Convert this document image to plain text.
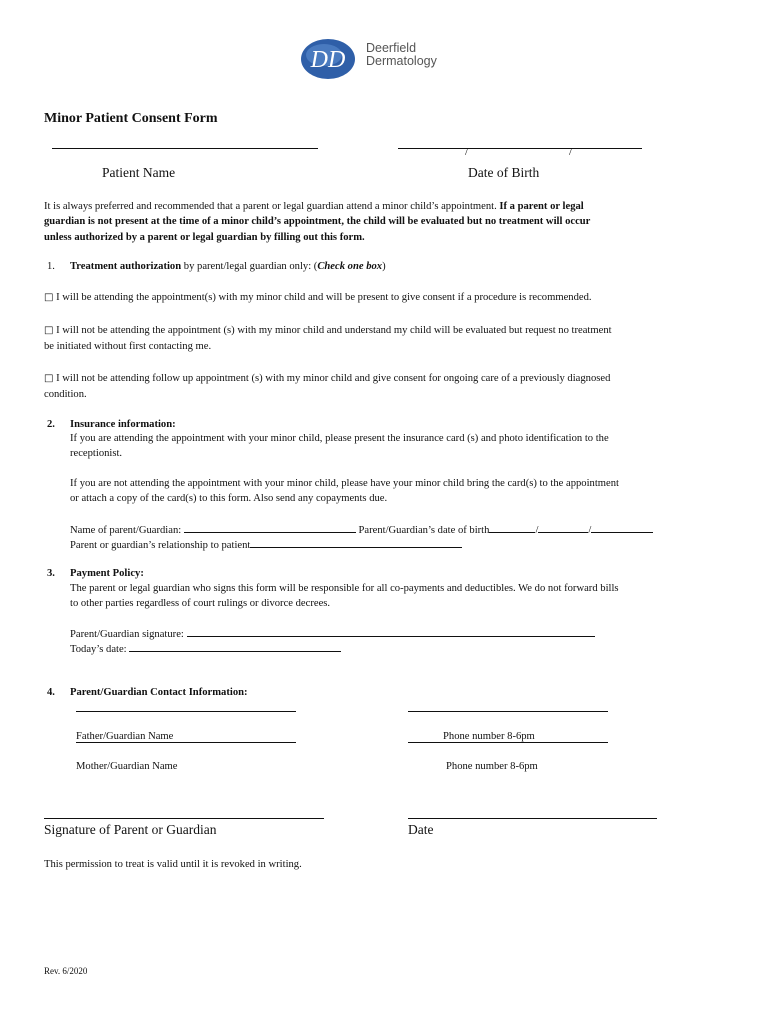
DD Deerfield
Dermatology
Minor Patient Consent Form
Patient Name
/	/
Date of Birth
It is always preferred and recommended that a parent or legal guardian attend a minor child’s appointment. If a parent or legal
guardian is not present at the time of a minor child’s appointment, the child will be evaluated but no treatment will occur
unless authorized by a parent or legal guardian by filling out this form.
1. Treatment authorization by parent/legal guardian only: (Check one box)
□ I will be attending the appointment(s) with my minor child and will be present to give consent if a procedure is recommended.
□ I will not be attending the appointment (s) with my minor child and understand my child will be evaluated but request no treatment
be initiated without first contacting me.
□ I will not be attending follow up appointment (s) with my minor child and give consent for ongoing care of a previously diagnosed
condition.
2. Insurance information:
If you are attending the appointment with your minor child, please present the insurance card (s) and photo identification to the
receptionist.
If you are not attending the appointment with your minor child, please have your minor child bring the card(s) to the appointment
or attach a copy of the card(s) to this form. Also send any copayments due.
Name of parent/Guardian:	Parent/Guardian’s date of birth	/	/
Parent or guardian’s relationship to patient
3. Payment Policy:
The parent or legal guardian who signs this form will be responsible for all co-payments and deductibles. We do not forward bills
to other parties regardless of court rulings or divorce decrees.
Parent/Guardian signature:
Today’s date:
4. Parent/Guardian Contact Information:
Father/Guardian Name	Phone number 8-6pm
Mother/Guardian Name	Phone number 8-6pm
Signature of Parent or Guardian	Date
This permission to treat is valid until it is revoked in writing.
Rev. 6/2020
